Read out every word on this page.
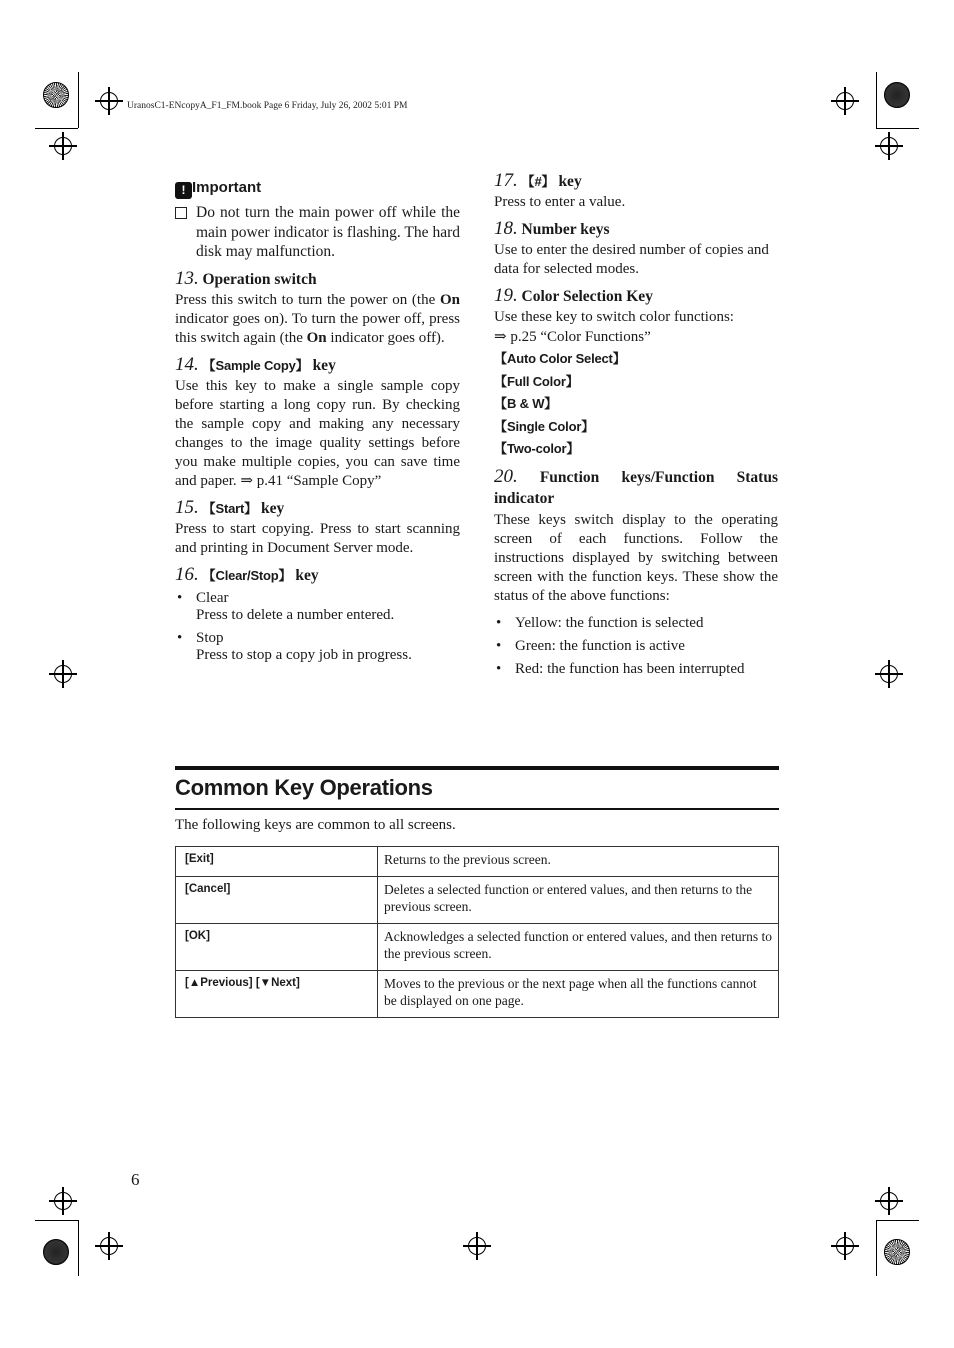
UranosC1-ENcopyA_F1_FM.book Page 6 Friday, July 26, 2002 5:01 PM
! Important

Do not turn the main power off while the main power indicator is flashing. The hard disk may malfunction.

13. Operation switch

Press this switch to turn the power on (the On indicator goes on). To turn the power off, press this switch again (the On indicator goes off).

14. 【Sample Copy】 key

Use this key to make a single sample copy before starting a long copy run. By checking the sample copy and making any necessary changes to the image quality settings before you make multiple copies, you can save time and paper. ⇒ p.41 “Sample Copy”

15. 【Start】 key

Press to start copying. Press to start scanning and printing in Document Server mode.

16. 【Clear/Stop】 key

• Clear
Press to delete a number entered.
• Stop
Press to stop a copy job in progress.

17. 【#】 key

Press to enter a value.

18. Number keys

Use to enter the desired number of copies and data for selected modes.

19. Color Selection Key

Use these key to switch color functions:

⇒ p.25 “Color Functions”

【Auto Color Select】
【Full Color】
【B & W】
【Single Color】
【Two-color】

20. Function keys/Function Status

indicator

These keys switch display to the operating screen of each functions. Follow the instructions displayed by switching between screen with the function keys. These show the status of the above functions:

• Yellow: the function is selected
• Green: the function is active
• Red: the function has been interrupted
Common Key Operations
The following keys are common to all screens.
[Exit]	Returns to the previous screen.
[Cancel]	Deletes a selected function or entered values, and then returns to the previous screen.
[OK]	Acknowledges a selected function or entered values, and then returns to the previous screen.
[▲Previous] [▼Next]	Moves to the previous or the next page when all the functions cannot be displayed on one page.
6
